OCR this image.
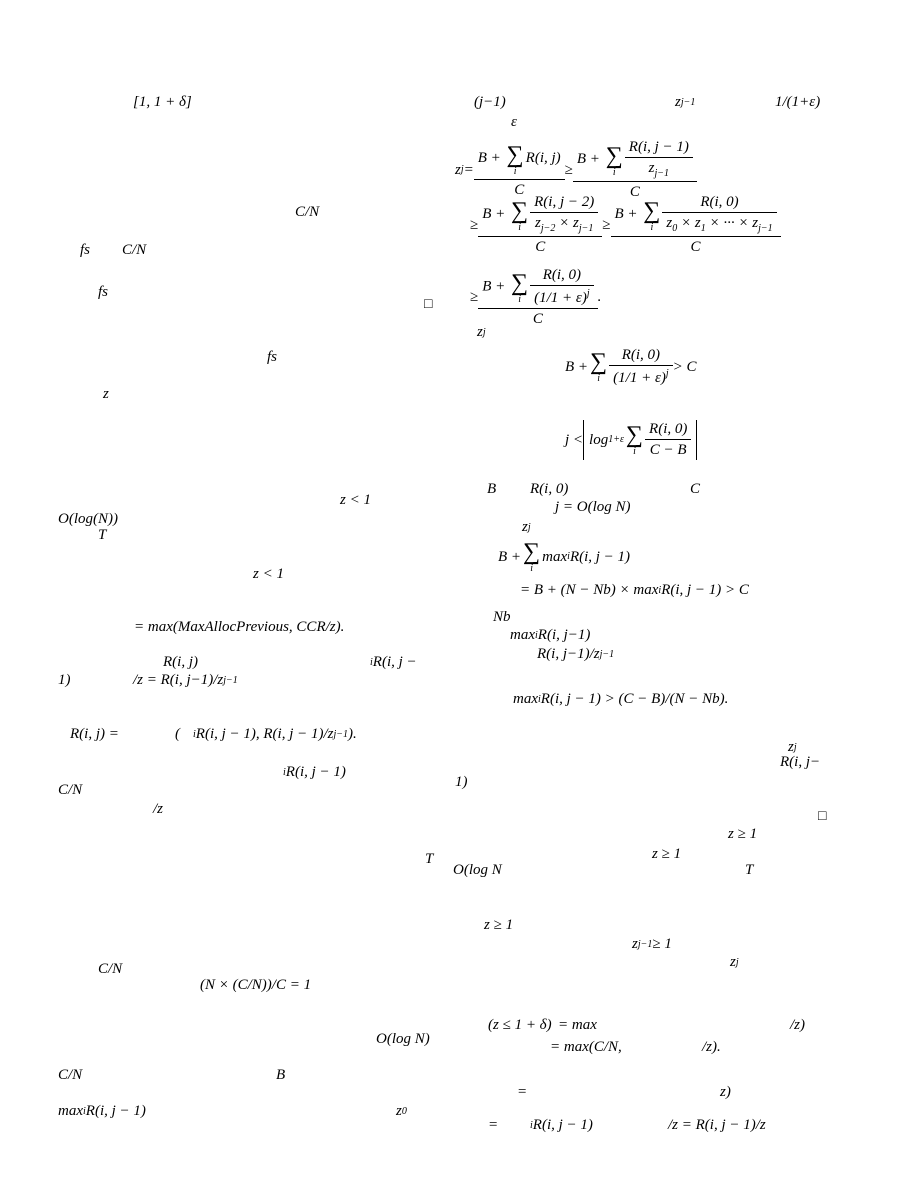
[1, 1 + δ]
C/N
fs C/N
fs
□
fs
z
z < 1
O(log(N))
T
z < 1
= max(MaxAllocPrevious, CCR/z).
R(i, j)	i R(i, j −
1)	/z = R(i, j−1)/z j−1
R(i, j) =	( i R(i, j − 1), R(i, j − 1)/z j−1 ).
i R(i, j − 1)
C/N
/z
T
C/N
(N × (C/N))/C = 1
O(log N)
C/N	B
max i R(i, j − 1)	z 0
(j−1)	z j−1	1/(1+ε)
ε
z j = B + ∑
i
R(i, j)
C ≥ B + ∑
i $\frac{R(i, j - 1)}{z_{j-1}}$
C
≥ B + ∑
i $\frac{R(i, j - 2)}{z_{j-2} \times z_{j-1}}$
C ≥ B + ∑
i $\frac{R(i, 0)}{z_0 \times z_1 \times \cdot\cdot\cdot \times z_{j-1}}$
C
≥ B + ∑
i $\frac{R(i, 0)}{(1/1 + \varepsilon)^j}$
C .
z j
B + ∑
i $\frac{R(i, 0)}{(1/1 + \varepsilon)^j} > C$
j < log 1+ε ∑
i $\frac{R(i, 0)}{C - B}$
B R(i, 0)	C
j = O(log N)
z j
B + ∑
i
max i R(i, j − 1)
= B + (N − Nb) × max i R(i, j − 1) > C
Nb
max i R(i, j−1)
R(i, j−1)/z j−1
max i R(i, j − 1) > (C − B)/(N − Nb).
z j
R(i, j−
1)
□
z ≥ 1
O(log N
z ≥ 1
T
z ≥ 1
z j−1 ≥ 1
z j
(z ≤ 1 + δ) = max	/z)
= max(C/N,	/z).
=	z)
=	i R(i, j − 1)	/z = R(i, j − 1)/z
